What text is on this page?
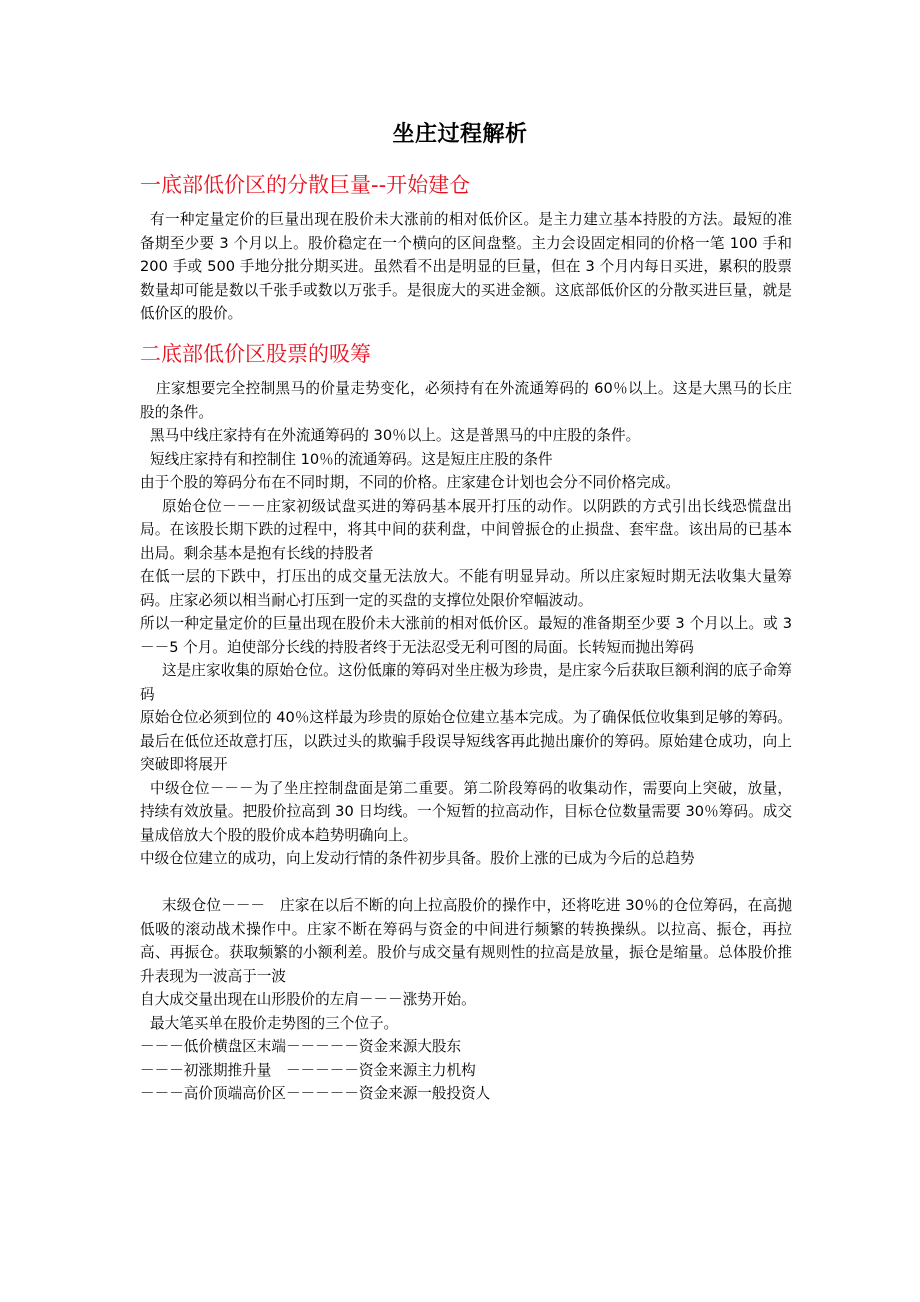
坐庄过程解析
一底部低价区的分散巨量--开始建仓

有一种定量定价的巨量出现在股价未大涨前的相对低价区。是主力建立基本持股的方法。最短的准备期至少要 3 个月以上。股价稳定在一个横向的区间盘整。主力会设固定相同的价格一笔 100 手和 200 手或 500 手地分批分期买进。虽然看不出是明显的巨量，但在 3 个月内每日买进，累积的股票数量却可能是数以千张手或数以万张手。是很庞大的买进金额。这底部低价区的分散买进巨量，就是低价区的股价。

二底部低价区股票的吸筹

庄家想要完全控制黑马的价量走势变化，必须持有在外流通筹码的 60％以上。这是大黑马的长庄股的条件。

黑马中线庄家持有在外流通筹码的 30％以上。这是普黑马的中庄股的条件。

短线庄家持有和控制住 10％的流通筹码。这是短庄庄股的条件

由于个股的筹码分布在不同时期，不同的价格。庄家建仓计划也会分不同价格完成。

原始仓位－－－庄家初级试盘买进的筹码基本展开打压的动作。以阴跌的方式引出长线恐慌盘出局。在该股长期下跌的过程中，将其中间的获利盘，中间曾振仓的止损盘、套牢盘。该出局的已基本出局。剩余基本是抱有长线的持股者

在低一层的下跌中，打压出的成交量无法放大。不能有明显异动。所以庄家短时期无法收集大量筹码。庄家必须以相当耐心打压到一定的买盘的支撑位处限价窄幅波动。

所以一种定量定价的巨量出现在股价未大涨前的相对低价区。最短的准备期至少要 3 个月以上。或 3－－5 个月。迫使部分长线的持股者终于无法忍受无利可图的局面。长转短而抛出筹码

这是庄家收集的原始仓位。这份低廉的筹码对坐庄极为珍贵，是庄家今后获取巨额利润的底子命筹码

原始仓位必须到位的 40％这样最为珍贵的原始仓位建立基本完成。为了确保低位收集到足够的筹码。最后在低位还故意打压，以跌过头的欺骗手段误导短线客再此抛出廉价的筹码。原始建仓成功，向上突破即将展开

中级仓位－－－为了坐庄控制盘面是第二重要。第二阶段筹码的收集动作，需要向上突破，放量，持续有效放量。把股价拉高到 30 日均线。一个短暂的拉高动作，目标仓位数量需要 30％筹码。成交量成倍放大个股的股价成本趋势明确向上。

中级仓位建立的成功，向上发动行情的条件初步具备。股价上涨的已成为今后的总趋势

末级仓位－－－　庄家在以后不断的向上拉高股价的操作中，还将吃进 30％的仓位筹码，在高抛低吸的滚动战术操作中。庄家不断在筹码与资金的中间进行频繁的转换操纵。以拉高、振仓，再拉高、再振仓。获取频繁的小额利差。股价与成交量有规则性的拉高是放量，振仓是缩量。总体股价推升表现为一波高于一波

自大成交量出现在山形股价的左肩－－－涨势开始。

最大笔买单在股价走势图的三个位子。

－－－低价横盘区末端－－－－－资金来源大股东

－－－初涨期推升量　－－－－－资金来源主力机构

－－－高价顶端高价区－－－－－资金来源一般投资人
